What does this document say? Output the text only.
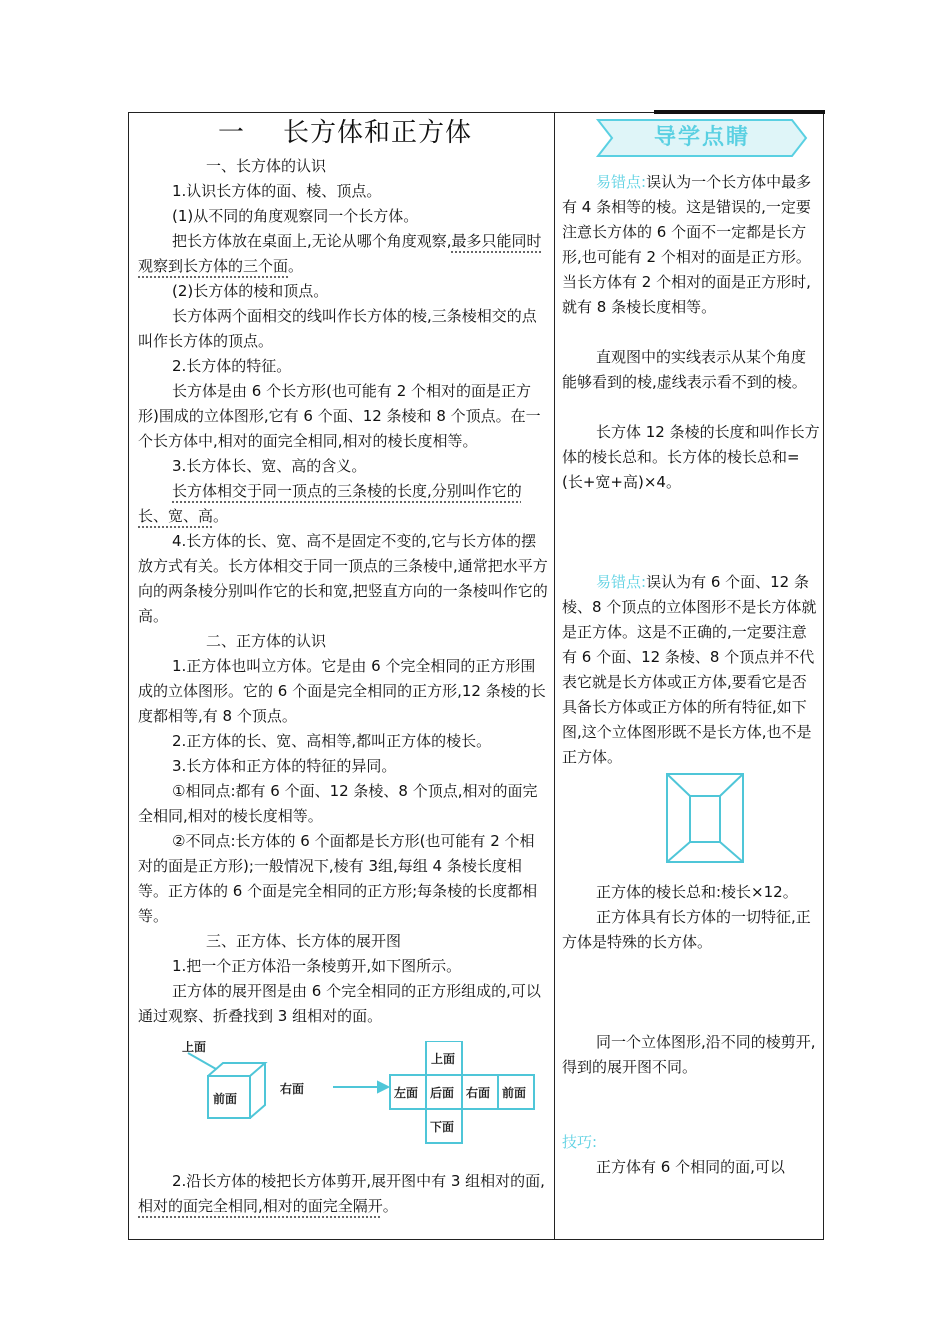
一 长方体和正方体

一、长方体的认识

1.认识长方体的面、棱、顶点。

(1)从不同的角度观察同一个长方体。

把长方体放在桌面上,无论从哪个角度观察,最多只能同时观察到长方体的三个面。

(2)长方体的棱和顶点。

长方体两个面相交的线叫作长方体的棱,三条棱相交的点叫作长方体的顶点。

2.长方体的特征。

长方体是由 6 个长方形(也可能有 2 个相对的面是正方形)围成的立体图形,它有 6 个面、12 条棱和 8 个顶点。在一个长方体中,相对的面完全相同,相对的棱长度相等。

3.长方体长、宽、高的含义。

长方体相交于同一顶点的三条棱的长度,分别叫作它的长、宽、高。

4.长方体的长、宽、高不是固定不变的,它与长方体的摆放方式有关。长方体相交于同一顶点的三条棱中,通常把水平方向的两条棱分别叫作它的长和宽,把竖直方向的一条棱叫作它的高。

二、正方体的认识

1.正方体也叫立方体。它是由 6 个完全相同的正方形围成的立体图形。它的 6 个面是完全相同的正方形,12 条棱的长度都相等,有 8 个顶点。

2.正方体的长、宽、高相等,都叫正方体的棱长。

3.长方体和正方体的特征的异同。

①相同点:都有 6 个面、12 条棱、8 个顶点,相对的面完全相同,相对的棱长度相等。

②不同点:长方体的 6 个面都是长方形(也可能有 2 个相对的面是正方形);一般情况下,棱有 3组,每组 4 条棱长度相等。正方体的 6 个面是完全相同的正方形;每条棱的长度都相等。

三、正方体、长方体的展开图

1.把一个正方体沿一条棱剪开,如下图所示。

正方体的展开图是由 6 个完全相同的正方形组成的,可以通过观察、折叠找到 3 组相对的面。

上面
前面
右面
上面
左面 后面 右面 前面
下面

2.沿长方体的棱把长方体剪开,展开图中有 3 组相对的面,相对的面完全相同,相对的面完全隔开。

导学点睛

易错点:误认为一个长方体中最多有 4 条相等的棱。这是错误的,一定要注意长方体的 6 个面不一定都是长方形,也可能有 2 个相对的面是正方形。当长方体有 2 个相对的面是正方形时,就有 8 条棱长度相等。

直观图中的实线表示从某个角度能够看到的棱,虚线表示看不到的棱。

长方体 12 条棱的长度和叫作长方体的棱长总和。长方体的棱长总和=(长+宽+高)×4。

易错点:误认为有 6 个面、12 条棱、8 个顶点的立体图形不是长方体就是正方体。这是不正确的,一定要注意有 6 个面、12 条棱、8 个顶点并不代表它就是长方体或正方体,要看它是否具备长方体或正方体的所有特征,如下图,这个立体图形既不是长方体,也不是正方体。

正方体的棱长总和:棱长×12。

正方体具有长方体的一切特征,正方体是特殊的长方体。

同一个立体图形,沿不同的棱剪开,得到的展开图不同。

技巧:

正方体有 6 个相同的面,可以
